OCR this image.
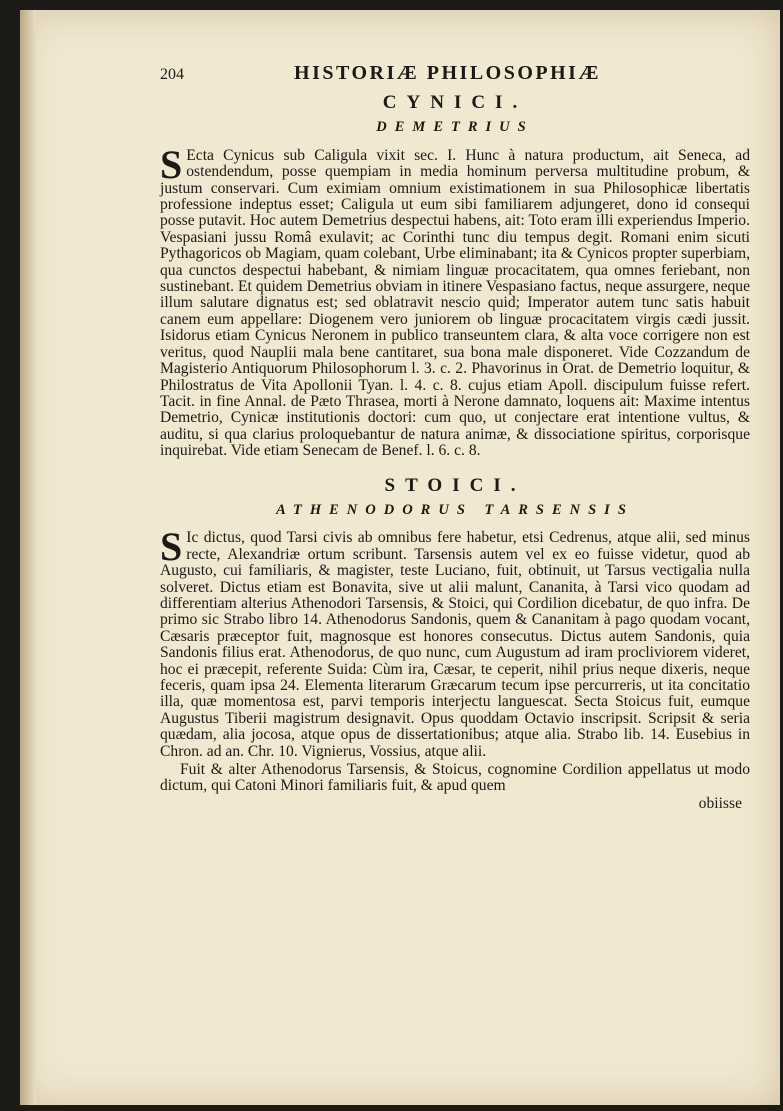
204	HISTORIÆ PHILOSOPHIÆ
CYNICI.
DEMETRIUS
S Ecta Cynicus sub Caligula vixit sec. I. Hunc à natura productum, ait Seneca, ad ostendendum, posse quempiam in media hominum perversa multitudine probum, & justum conservari. Cum eximiam omnium existimationem in sua Philosophicæ libertatis professione indeptus esset; Caligula ut eum sibi familiarem adjungeret, dono id consequi posse putavit. Hoc autem Demetrius despectui habens, ait: Toto eram illi experiendus Imperio. Vespasiani jussu Româ exulavit; ac Corinthi tunc diu tempus degit. Romani enim sicuti Pythagoricos ob Magiam, quam colebant, Urbe eliminabant; ita & Cynicos propter superbiam, qua cunctos despectui habebant, & nimiam linguæ procacitatem, qua omnes feriebant, non sustinebant. Et quidem Demetrius obviam in itinere Vespasiano factus, neque assurgere, neque illum salutare dignatus est; sed oblatravit nescio quid; Imperator autem tunc satis habuit canem eum appellare: Diogenem vero juniorem ob linguæ procacitatem virgis cædi jussit. Isidorus etiam Cynicus Neronem in publico transeuntem clara, & alta voce corrigere non est veritus, quod Nauplii mala bene cantitaret, sua bona male disponeret. Vide Cozzandum de Magisterio Antiquorum Philosophorum l. 3. c. 2. Phavorinus in Orat. de Demetrio loquitur, & Philostratus de Vita Apollonii Tyan. l. 4. c. 8. cujus etiam Apoll. discipulum fuisse refert. Tacit. in fine Annal. de Pæto Thrasea, morti à Nerone damnato, loquens ait: Maxime intentus Demetrio, Cynicæ institutionis doctori: cum quo, ut conjectare erat intentione vultus, & auditu, si qua clarius proloquebantur de natura animæ, & dissociatione spiritus, corporisque inquirebat. Vide etiam Senecam de Benef. l. 6. c. 8.

STOICI.
ATHENODORUS TARSENSIS
S Ic dictus, quod Tarsi civis ab omnibus fere habetur, etsi Cedrenus, atque alii, sed minus recte, Alexandriæ ortum scribunt. Tarsensis autem vel ex eo fuisse videtur, quod ab Augusto, cui familiaris, & magister, teste Luciano, fuit, obtinuit, ut Tarsus vectigalia nulla solveret. Dictus etiam est Bonavita, sive ut alii malunt, Cananita, à Tarsi vico quodam ad differentiam alterius Athenodori Tarsensis, & Stoici, qui Cordilion dicebatur, de quo infra. De primo sic Strabo libro 14. Athenodorus Sandonis, quem & Cananitam à pago quodam vocant, Cæsaris præceptor fuit, magnosque est honores consecutus. Dictus autem Sandonis, quia Sandonis filius erat. Athenodorus, de quo nunc, cum Augustum ad iram procliviorem videret, hoc ei præcepit, referente Suida: Cùm ira, Cæsar, te ceperit, nihil prius neque dixeris, neque feceris, quam ipsa 24. Elementa literarum Græcarum tecum ipse percurreris, ut ita concitatio illa, quæ momentosa est, parvi temporis interjectu languescat. Secta Stoicus fuit, eumque Augustus Tiberii magistrum designavit. Opus quoddam Octavio inscripsit. Scripsit & seria quædam, alia jocosa, atque opus de dissertationibus; atque alia. Strabo lib. 14. Eusebius in Chron. ad an. Chr. 10. Vignierus, Vossius, atque alii.

Fuit & alter Athenodorus Tarsensis, & Stoicus, cognomine Cordilion appellatus ut modo dictum, qui Catoni Minori familiaris fuit, & apud quem

obiisse
